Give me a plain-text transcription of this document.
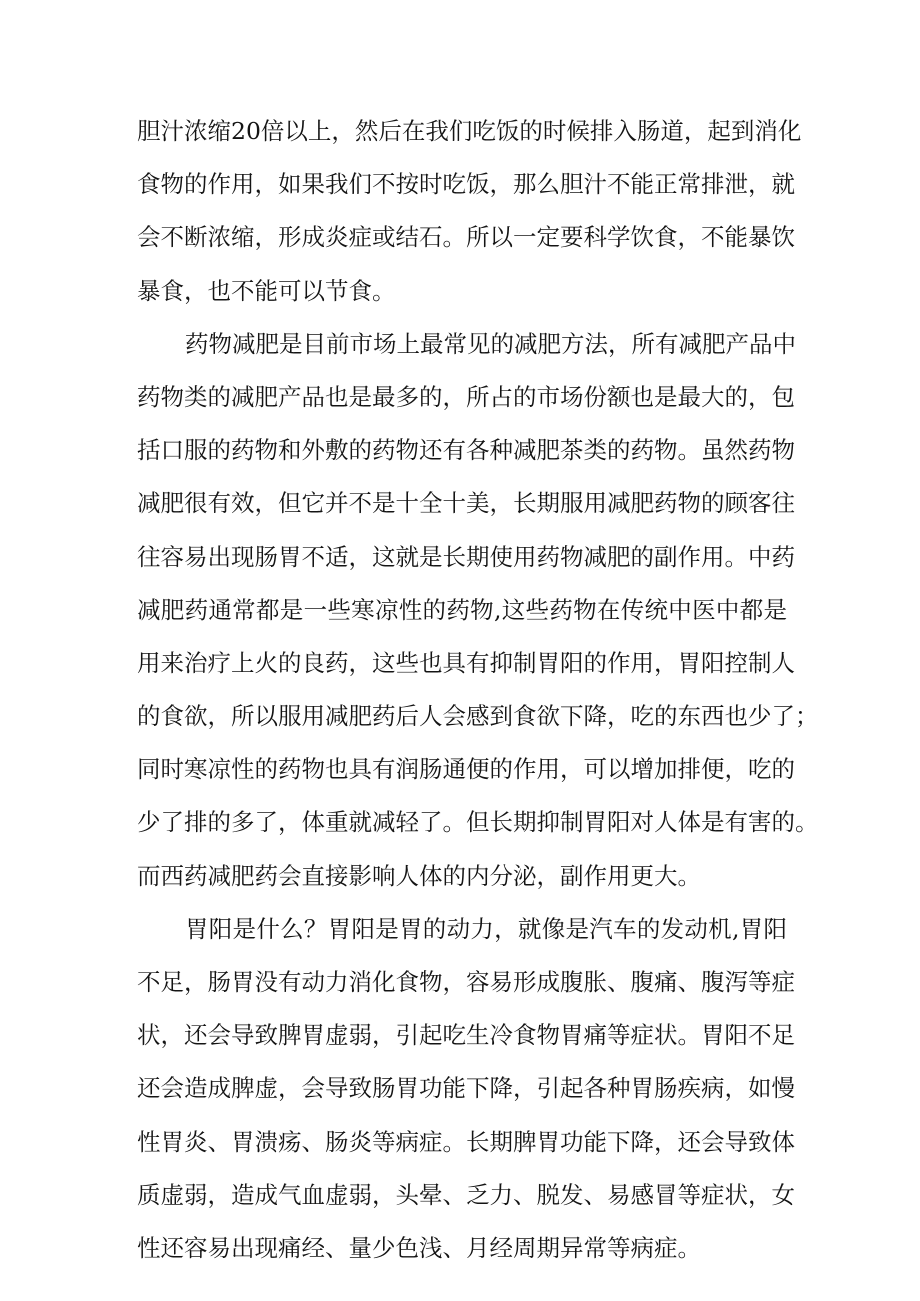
胆汁浓缩20倍以上，然后在我们吃饭的时候排入肠道，起到消化
食物的作用，如果我们不按时吃饭，那么胆汁不能正常排泄，就
会不断浓缩，形成炎症或结石。所以一定要科学饮食，不能暴饮
暴食，也不能可以节食。
药物减肥是目前市场上最常见的减肥方法，所有减肥产品中
药物类的减肥产品也是最多的，所占的市场份额也是最大的，包
括口服的药物和外敷的药物还有各种减肥茶类的药物。虽然药物
减肥很有效，但它并不是十全十美，长期服用减肥药物的顾客往
往容易出现肠胃不适，这就是长期使用药物减肥的副作用。中药
减肥药通常都是一些寒凉性的药物,这些药物在传统中医中都是
用来治疗上火的良药，这些也具有抑制胃阳的作用，胃阳控制人
的食欲，所以服用减肥药后人会感到食欲下降，吃的东西也少了；
同时寒凉性的药物也具有润肠通便的作用，可以增加排便，吃的
少了排的多了，体重就减轻了。但长期抑制胃阳对人体是有害的。
而西药减肥药会直接影响人体的内分泌，副作用更大。
胃阳是什么？胃阳是胃的动力，就像是汽车的发动机,胃阳
不足，肠胃没有动力消化食物，容易形成腹胀、腹痛、腹泻等症
状，还会导致脾胃虚弱，引起吃生冷食物胃痛等症状。胃阳不足
还会造成脾虚，会导致肠胃功能下降，引起各种胃肠疾病，如慢
性胃炎、胃溃疡、肠炎等病症。长期脾胃功能下降，还会导致体
质虚弱，造成气血虚弱，头晕、乏力、脱发、易感冒等症状，女
性还容易出现痛经、量少色浅、月经周期异常等病症。
